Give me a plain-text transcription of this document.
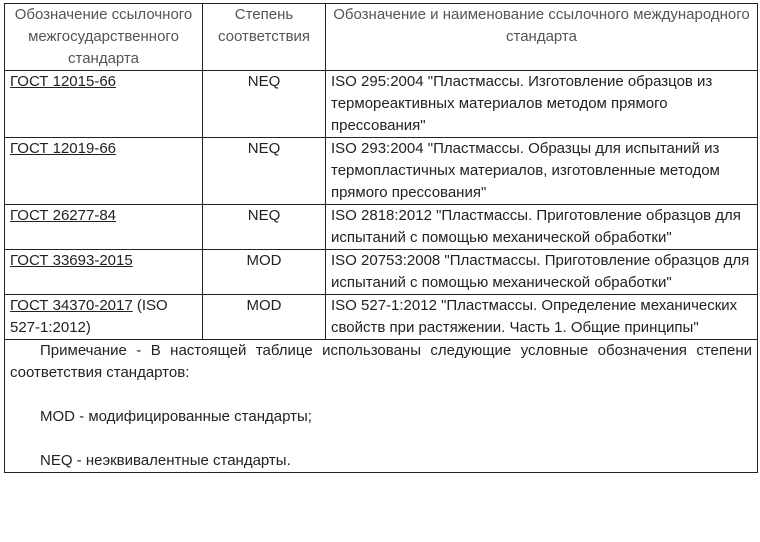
Обозначение ссылочного межгосударственного стандарта	Степень соответствия	Обозначение и наименование ссылочного международного стандарта
ГОСТ 12015-66	NEQ	ISO 295:2004 "Пластмассы. Изготовление образцов из термореактивных материалов методом прямого прессования"
ГОСТ 12019-66	NEQ	ISO 293:2004 "Пластмассы. Образцы для испытаний из термопластичных материалов, изготовленные методом прямого прессования"
ГОСТ 26277-84	NEQ	ISO 2818:2012 "Пластмассы. Приготовление образцов для испытаний с помощью механической обработки"
ГОСТ 33693-2015	MOD	ISO 20753:2008 "Пластмассы. Приготовление образцов для испытаний с помощью механической обработки"
ГОСТ 34370-2017 (ISO 527-1:2012)	MOD	ISO 527-1:2012 "Пластмассы. Определение механических свойств при растяжении. Часть 1. Общие принципы"

Примечание - В настоящей таблице использованы следующие условные обозначения степени соответствия стандартов:

MOD - модифицированные стандарты;

NEQ - неэквивалентные стандарты.		
